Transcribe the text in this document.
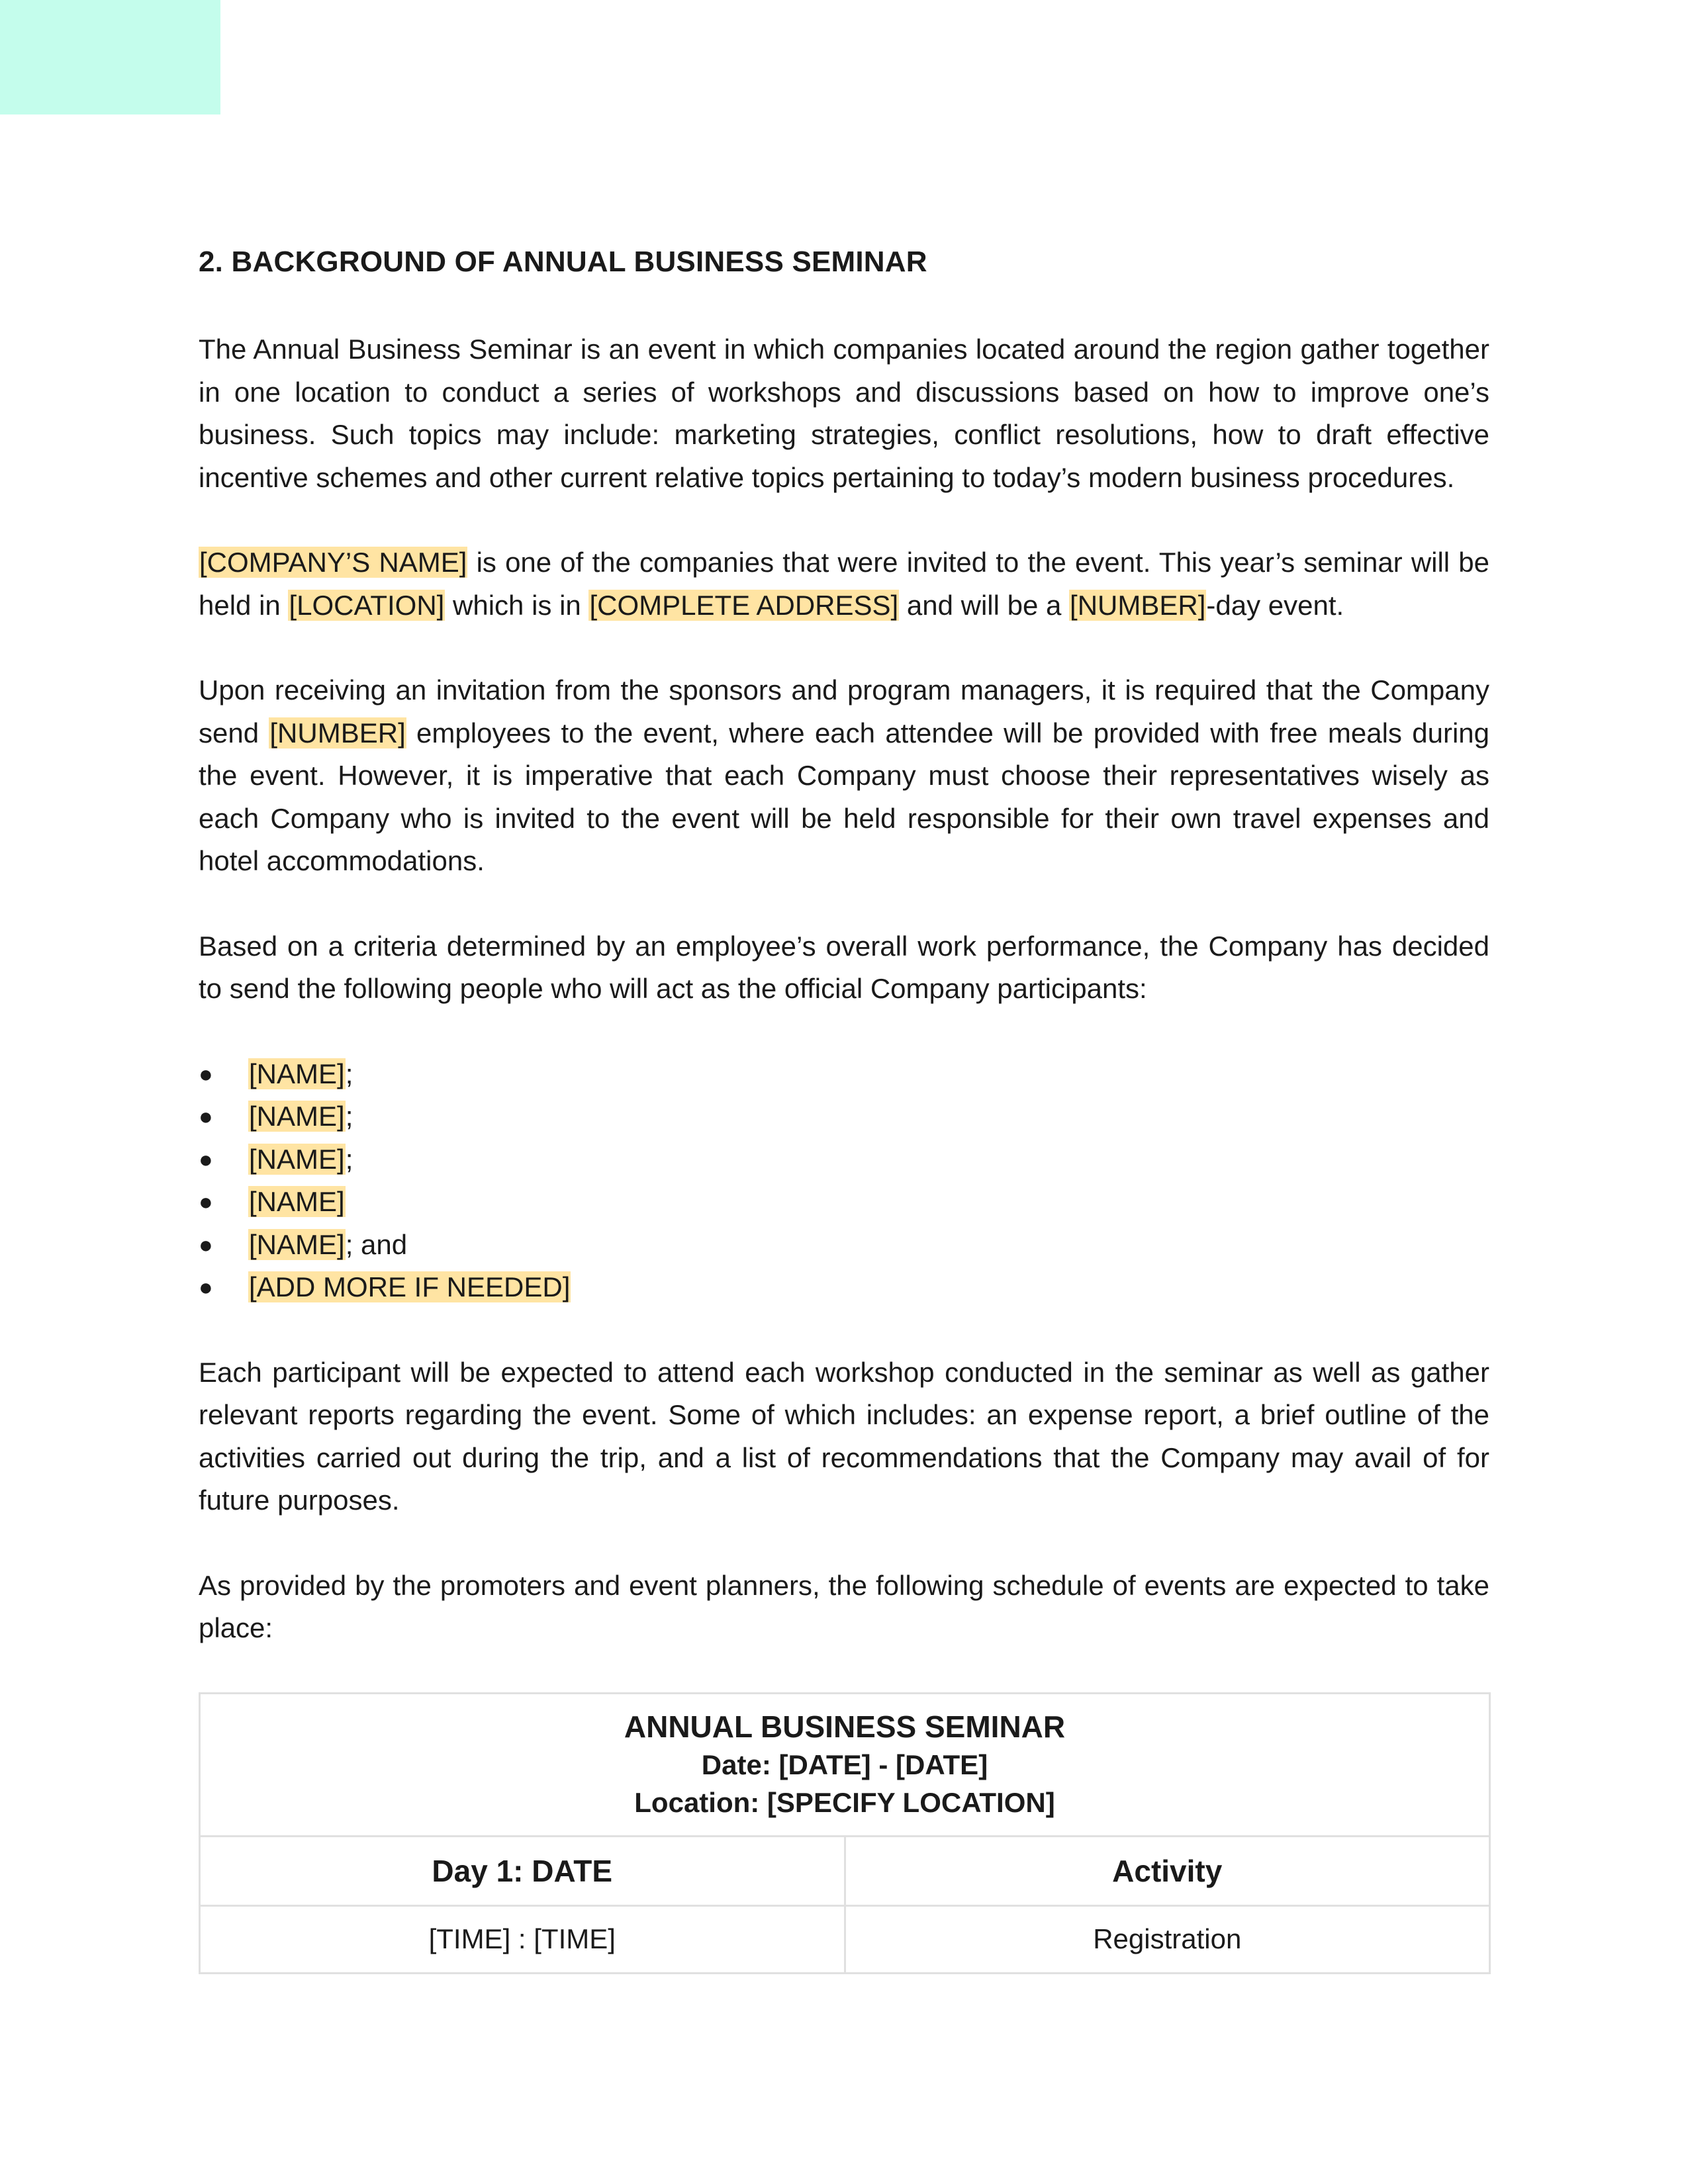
2. BACKGROUND OF ANNUAL BUSINESS SEMINAR

The Annual Business Seminar is an event in which companies located around the region gather together in one location to conduct a series of workshops and discussions based on how to improve one’s business. Such topics may include: marketing strategies, conflict resolutions, how to draft effective incentive schemes and other current relative topics pertaining to today’s modern business procedures.

[COMPANY’S NAME] is one of the companies that were invited to the event. This year’s seminar will be held in [LOCATION] which is in [COMPLETE ADDRESS] and will be a [NUMBER]-day event.

Upon receiving an invitation from the sponsors and program managers, it is required that the Company send [NUMBER] employees to the event, where each attendee will be provided with free meals during the event. However, it is imperative that each Company must choose their representatives wisely as each Company who is invited to the event will be held responsible for their own travel expenses and hotel accommodations.

Based on a criteria determined by an employee’s overall work performance, the Company has decided to send the following people who will act as the official Company participants:

● [NAME];
● [NAME];
● [NAME];
● [NAME]
● [NAME]; and
● [ADD MORE IF NEEDED]

Each participant will be expected to attend each workshop conducted in the seminar as well as gather relevant reports regarding the event. Some of which includes: an expense report, a brief outline of the activities carried out during the trip, and a list of recommendations that the Company may avail of for future purposes.

As provided by the promoters and event planners, the following schedule of events are expected to take place:

ANNUAL BUSINESS SEMINAR
Date: [DATE] - [DATE]
Location: [SPECIFY LOCATION]	

Day 1: DATE	Activity
[TIME] : [TIME]	Registration
